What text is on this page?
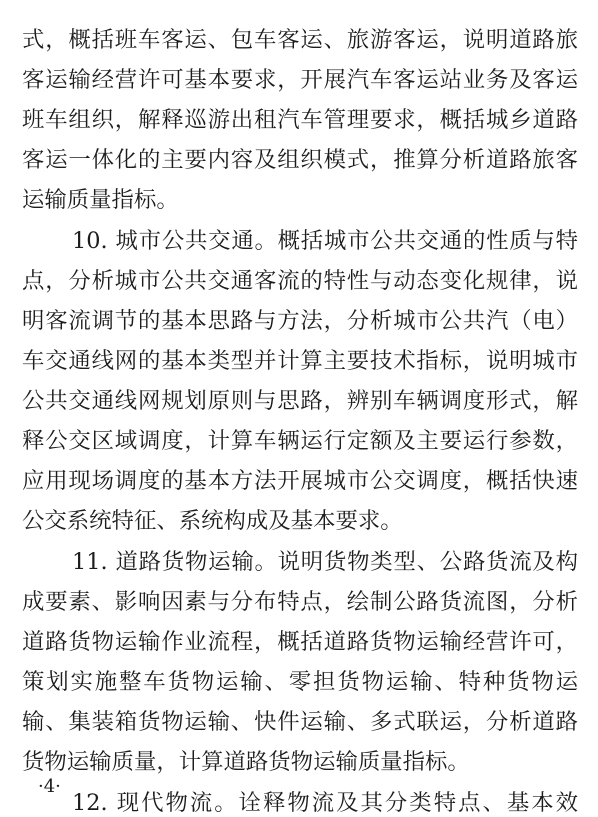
式，概括班车客运、包车客运、旅游客运，说明道路旅
客运输经营许可基本要求，开展汽车客运站业务及客运
班车组织，解释巡游出租汽车管理要求，概括城乡道路
客运一体化的主要内容及组织模式，推算分析道路旅客
运输质量指标。
10. 城市公共交通。概括城市公共交通的性质与特
点，分析城市公共交通客流的特性与动态变化规律，说
明客流调节的基本思路与方法，分析城市公共汽（电）
车交通线网的基本类型并计算主要技术指标，说明城市
公共交通线网规划原则与思路，辨别车辆调度形式，解
释公交区域调度，计算车辆运行定额及主要运行参数，
应用现场调度的基本方法开展城市公交调度，概括快速
公交系统特征、系统构成及基本要求。
11. 道路货物运输。说明货物类型、公路货流及构
成要素、影响因素与分布特点，绘制公路货流图，分析
道路货物运输作业流程，概括道路货物运输经营许可，
策划实施整车货物运输、零担货物运输、特种货物运
输、集装箱货物运输、快件运输、多式联运，分析道路
货物运输质量，计算道路货物运输质量指标。
12. 现代物流。诠释物流及其分类特点、基本效
·4·
